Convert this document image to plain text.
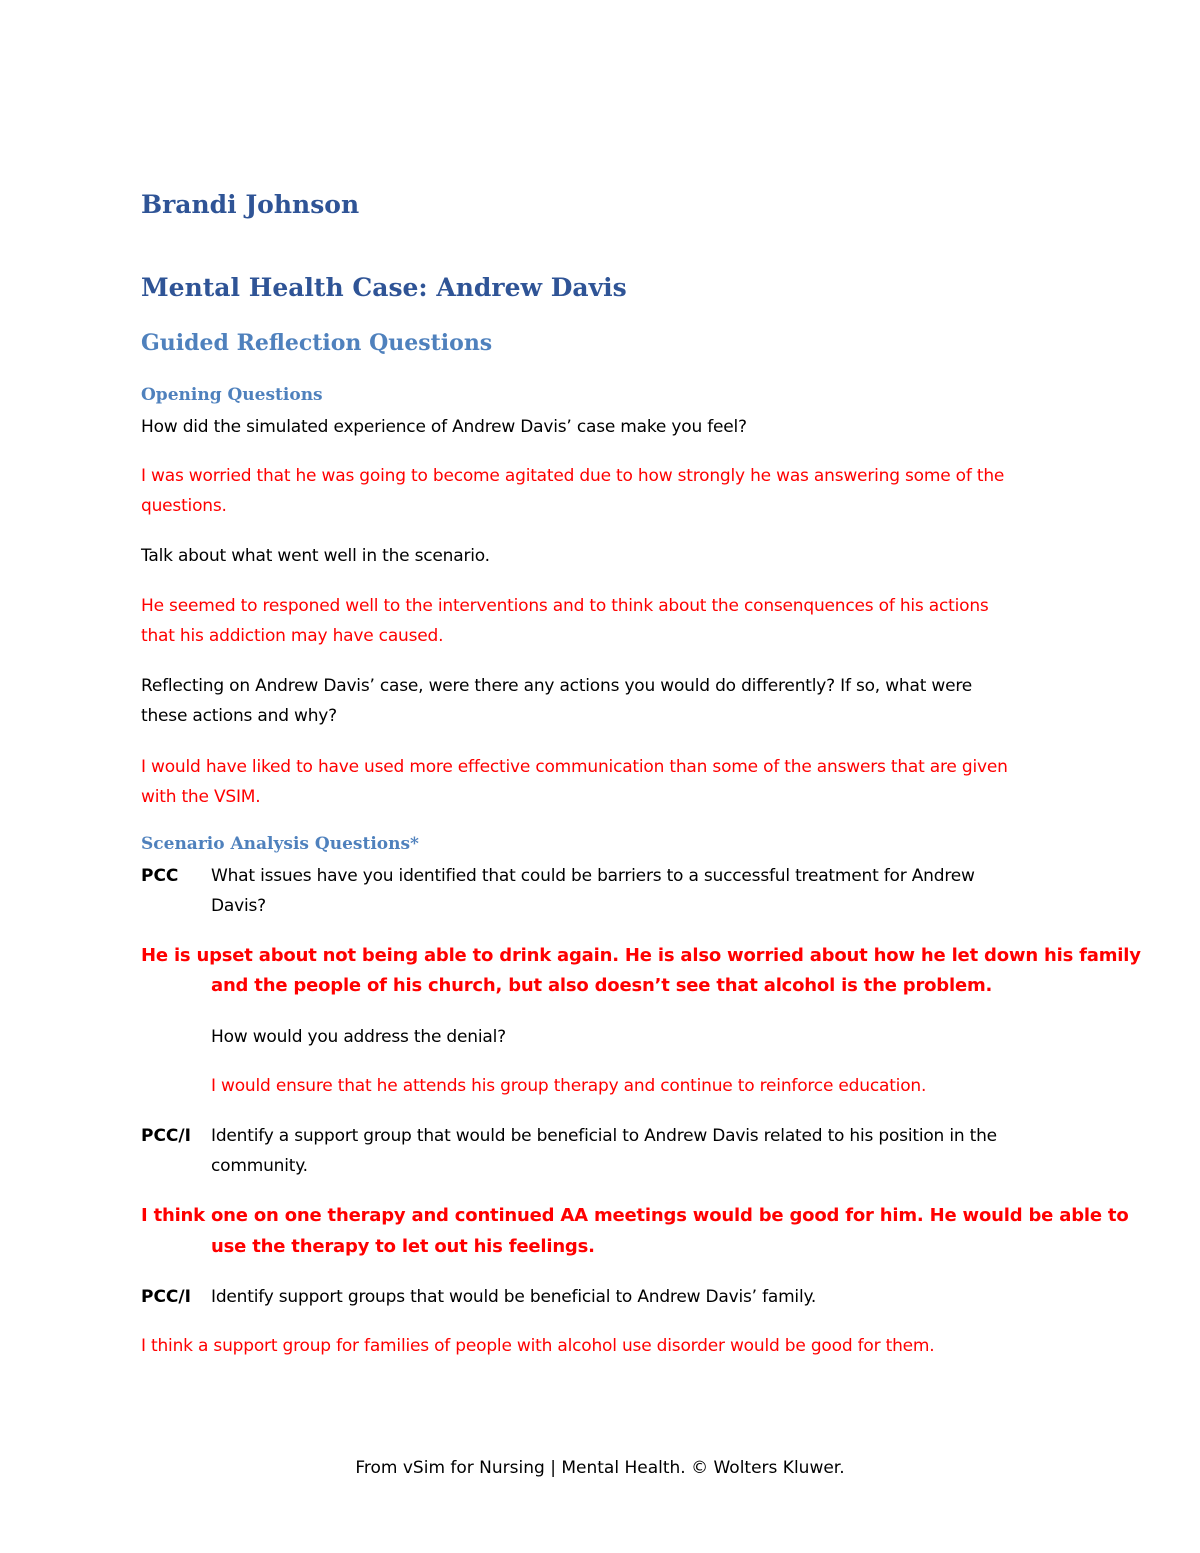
Brandi Johnson
Mental Health Case: Andrew Davis
Guided Reflection Questions
Opening Questions
How did the simulated experience of Andrew Davis’ case make you feel?
I was worried that he was going to become agitated due to how strongly he was answering some of the
questions.
Talk about what went well in the scenario.
He seemed to responed well to the interventions and to think about the consenquences of his actions
that his addiction may have caused.
Reflecting on Andrew Davis’ case, were there any actions you would do differently? If so, what were
these actions and why?
I would have liked to have used more effective communication than some of the answers that are given
with the VSIM.
Scenario Analysis Questions*
PCC What issues have you identified that could be barriers to a successful treatment for Andrew
Davis?
He is upset about not being able to drink again. He is also worried about how he let down his family
and the people of his church, but also doesn’t see that alcohol is the problem.
How would you address the denial?
I would ensure that he attends his group therapy and continue to reinforce education.
PCC/I Identify a support group that would be beneficial to Andrew Davis related to his position in the
community.
I think one on one therapy and continued AA meetings would be good for him. He would be able to
use the therapy to let out his feelings.
PCC/I Identify support groups that would be beneficial to Andrew Davis’ family.
I think a support group for families of people with alcohol use disorder would be good for them.
From vSim for Nursing | Mental Health. © Wolters Kluwer.
